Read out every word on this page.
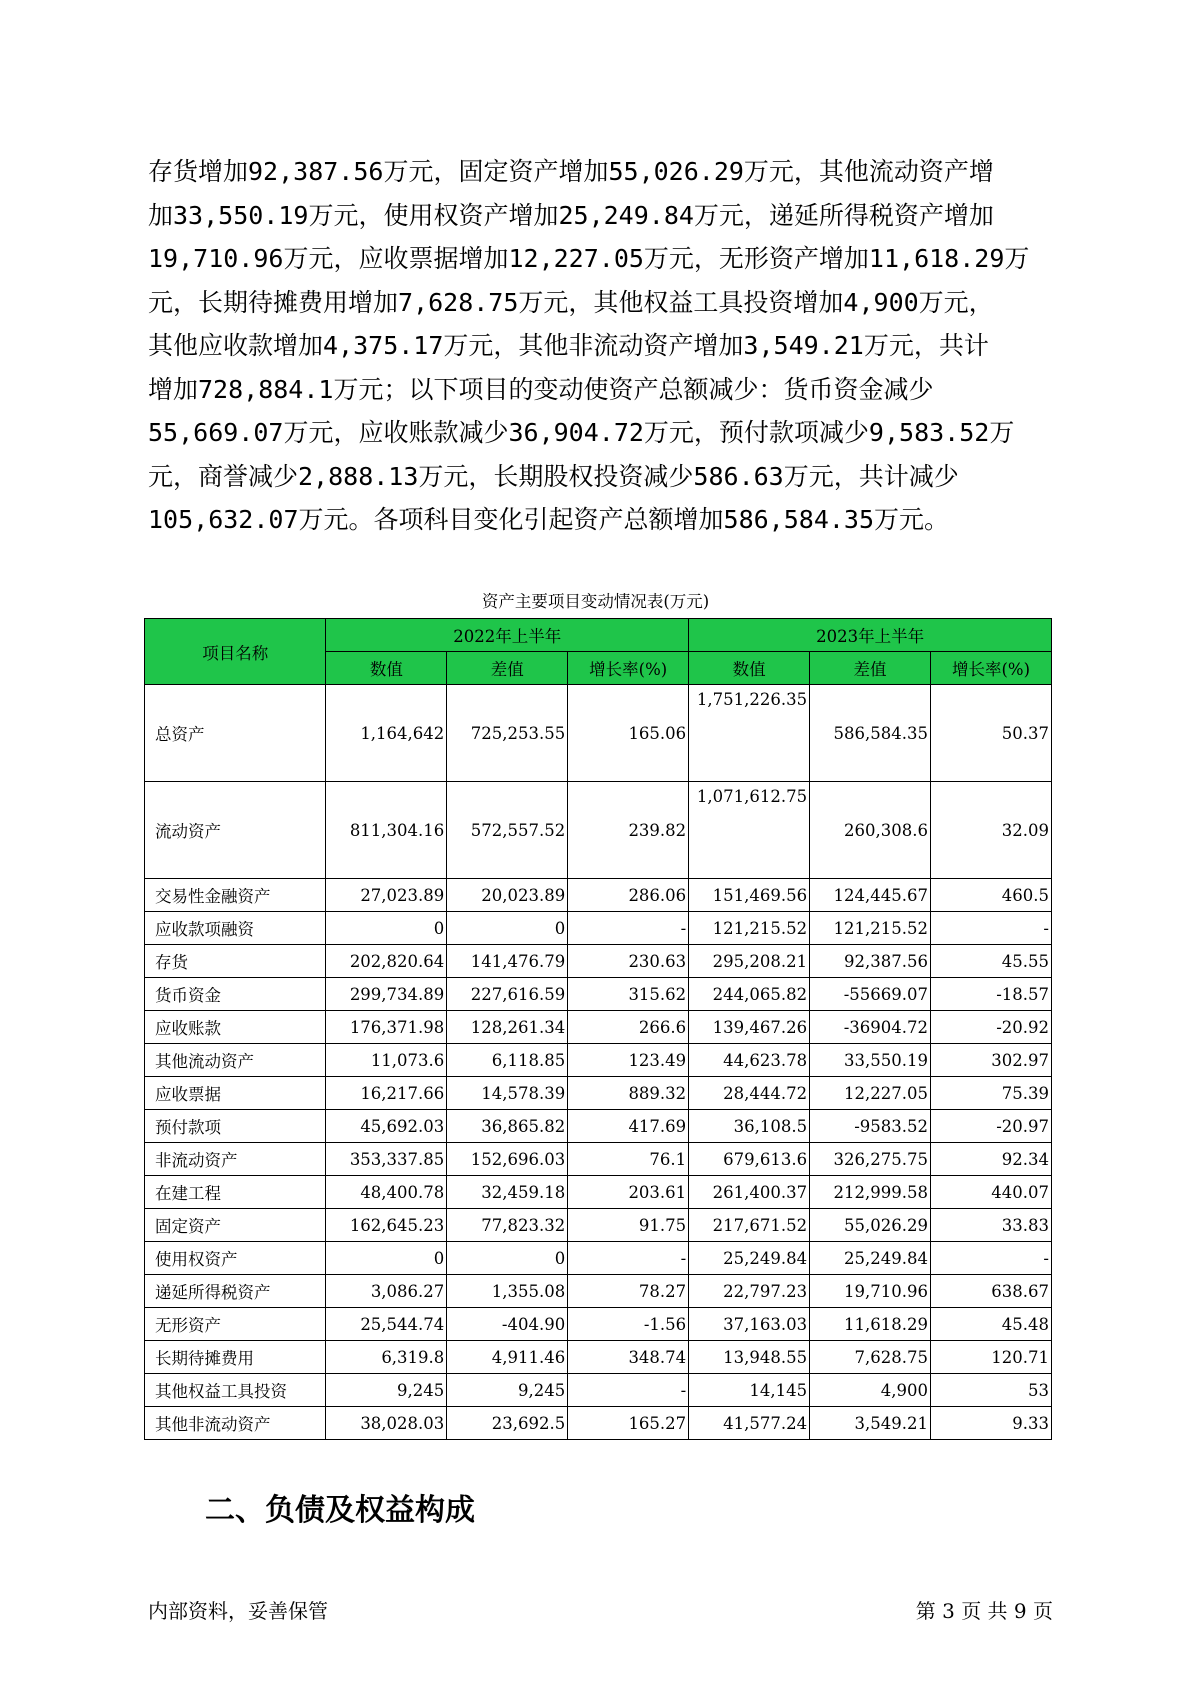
存货增加92,387.56万元，固定资产增加55,026.29万元，其他流动资产增
加33,550.19万元，使用权资产增加25,249.84万元，递延所得税资产增加
19,710.96万元，应收票据增加12,227.05万元，无形资产增加11,618.29万
元，长期待摊费用增加7,628.75万元，其他权益工具投资增加4,900万元，
其他应收款增加4,375.17万元，其他非流动资产增加3,549.21万元，共计
增加728,884.1万元；以下项目的变动使资产总额减少：货币资金减少
55,669.07万元，应收账款减少36,904.72万元，预付款项减少9,583.52万
元，商誉减少2,888.13万元，长期股权投资减少586.63万元，共计减少
105,632.07万元。各项科目变化引起资产总额增加586,584.35万元。
资产主要项目变动情况表(万元)
项目名称	2022年上半年			2023年上半年		
	数值	差值	增长率(%)	数值	差值	增长率(%)
总资产	1,164,642	725,253.55	165.06	1,751,226.35	586,584.35	50.37
流动资产	811,304.16	572,557.52	239.82	1,071,612.75	260,308.6	32.09
交易性金融资产	27,023.89	20,023.89	286.06	151,469.56	124,445.67	460.5
应收款项融资	0	0	-	121,215.52	121,215.52	-
存货	202,820.64	141,476.79	230.63	295,208.21	92,387.56	45.55
货币资金	299,734.89	227,616.59	315.62	244,065.82	-55669.07	-18.57
应收账款	176,371.98	128,261.34	266.6	139,467.26	-36904.72	-20.92
其他流动资产	11,073.6	6,118.85	123.49	44,623.78	33,550.19	302.97
应收票据	16,217.66	14,578.39	889.32	28,444.72	12,227.05	75.39
预付款项	45,692.03	36,865.82	417.69	36,108.5	-9583.52	-20.97
非流动资产	353,337.85	152,696.03	76.1	679,613.6	326,275.75	92.34
在建工程	48,400.78	32,459.18	203.61	261,400.37	212,999.58	440.07
固定资产	162,645.23	77,823.32	91.75	217,671.52	55,026.29	33.83
使用权资产	0	0	-	25,249.84	25,249.84	-
递延所得税资产	3,086.27	1,355.08	78.27	22,797.23	19,710.96	638.67
无形资产	25,544.74	-404.90	-1.56	37,163.03	11,618.29	45.48
长期待摊费用	6,319.8	4,911.46	348.74	13,948.55	7,628.75	120.71
其他权益工具投资	9,245	9,245	-	14,145	4,900	53
其他非流动资产	38,028.03	23,692.5	165.27	41,577.24	3,549.21	9.33
二、负债及权益构成
内部资料，妥善保管	第 3 页 共 9 页
